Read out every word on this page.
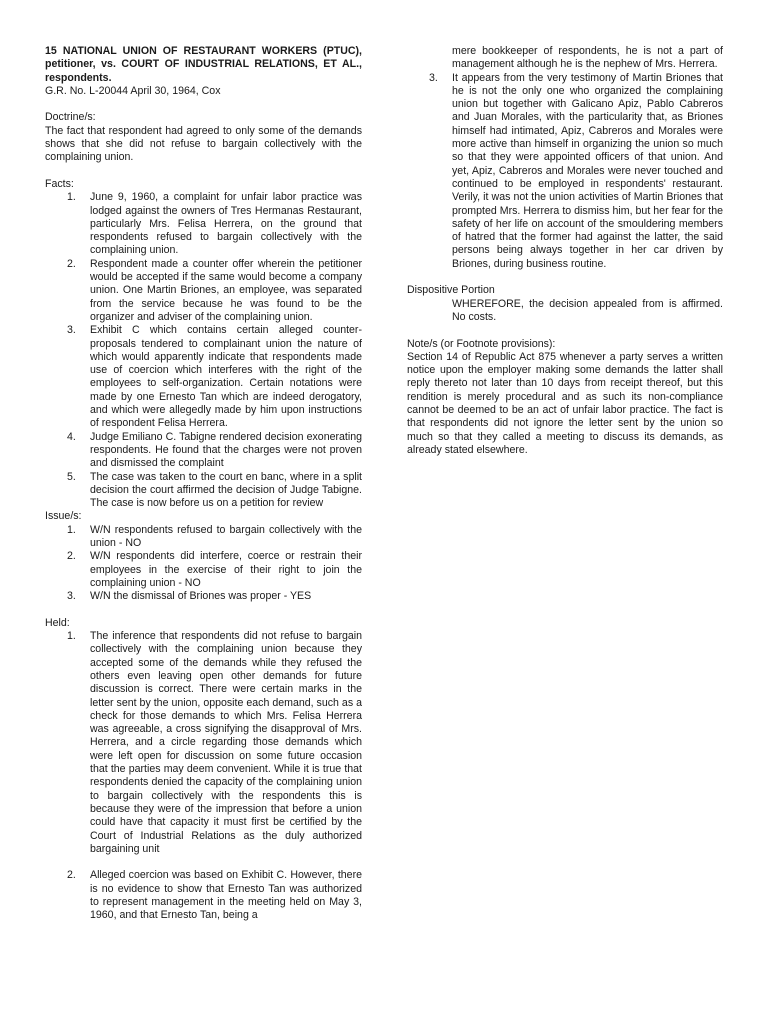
15 NATIONAL UNION OF RESTAURANT WORKERS (PTUC), petitioner, vs. COURT OF INDUSTRIAL RELATIONS, ET AL., respondents.

G.R. No. L-20044 April 30, 1964, Cox

Doctrine/s:

The fact that respondent had agreed to only some of the demands shows that she did not refuse to bargain collectively with the complaining union.

Facts:

1.	June 9, 1960, a complaint for unfair labor practice was lodged against the owners of Tres Hermanas Restaurant, particularly Mrs. Felisa Herrera, on the ground that respondents refused to bargain collectively with the complaining union.
2.	Respondent made a counter offer wherein the petitioner would be accepted if the same would become a company union. One Martin Briones, an employee, was separated from the service because he was found to be the organizer and adviser of the complaining union.
3.	Exhibit C which contains certain alleged counter-proposals tendered to complainant union the nature of which would apparently indicate that respondents made use of coercion which interferes with the right of the employees to self-organization. Certain notations were made by one Ernesto Tan which are indeed derogatory, and which were allegedly made by him upon instructions of respondent Felisa Herrera.
4.	Judge Emiliano C. Tabigne rendered decision exonerating respondents. He found that the charges were not proven and dismissed the complaint
5.	The case was taken to the court en banc, where in a split decision the court affirmed the decision of Judge Tabigne. The case is now before us on a petition for review

Issue/s:

1.	W/N respondents refused to bargain collectively with the union - NO
2.	W/N respondents did interfere, coerce or restrain their employees in the exercise of their right to join the complaining union - NO
3.	W/N the dismissal of Briones was proper - YES

Held:

1.	The inference that respondents did not refuse to bargain collectively with the complaining union because they accepted some of the demands while they refused the others even leaving open other demands for future discussion is correct. There were certain marks in the letter sent by the union, opposite each demand, such as a check for those demands to which Mrs. Felisa Herrera was agreeable, a cross signifying the disapproval of Mrs. Herrera, and a circle regarding those demands which were left open for discussion on some future occasion that the parties may deem convenient. While it is true that respondents denied the capacity of the complaining union to bargain collectively with the respondents this is because they were of the impression that before a union could have that capacity it must first be certified by the Court of Industrial Relations as the duly authorized bargaining unit
2.	Alleged coercion was based on Exhibit C. However, there is no evidence to show that Ernesto Tan was authorized to represent management in the meeting held on May 3, 1960, and that Ernesto Tan, being a
mere bookkeeper of respondents, he is not a part of management although he is the nephew of Mrs. Herrera.
3.	It appears from the very testimony of Martin Briones that he is not the only one who organized the complaining union but together with Galicano Apiz, Pablo Cabreros and Juan Morales, with the particularity that, as Briones himself had intimated, Apiz, Cabreros and Morales were more active than himself in organizing the union so much so that they were appointed officers of that union. And yet, Apiz, Cabreros and Morales were never touched and continued to be employed in respondents' restaurant. Verily, it was not the union activities of Martin Briones that prompted Mrs. Herrera to dismiss him, but her fear for the safety of her life on account of the smouldering members of hatred that the former had against the latter, the said persons being always together in her car driven by Briones, during business routine.

Dispositive Portion

WHEREFORE, the decision appealed from is affirmed. No costs.

Note/s (or Footnote provisions):

Section 14 of Republic Act 875 whenever a party serves a written notice upon the employer making some demands the latter shall reply thereto not later than 10 days from receipt thereof, but this rendition is merely procedural and as such its non-compliance cannot be deemed to be an act of unfair labor practice. The fact is that respondents did not ignore the letter sent by the union so much so that they called a meeting to discuss its demands, as already stated elsewhere.
